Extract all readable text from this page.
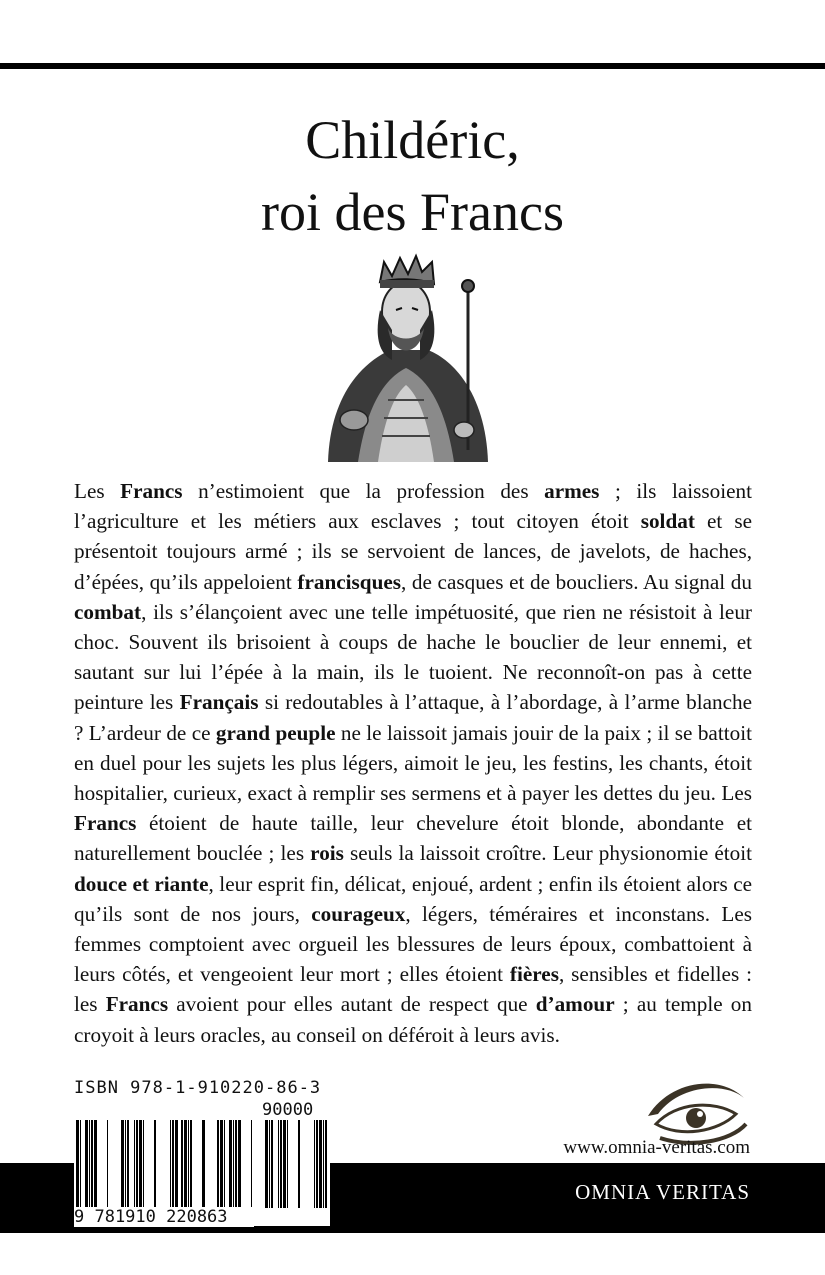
Childéric,
roi des Francs
Les Francs n’estimoient que la profession des armes ; ils laissoient l’agriculture et les métiers aux esclaves ; tout citoyen étoit soldat et se présentoit toujours armé ; ils se servoient de lances, de javelots, de haches, d’épées, qu’ils appeloient francisques, de casques et de boucliers. Au signal du combat, ils s’élançoient avec une telle impétuosité, que rien ne résistoit à leur choc. Souvent ils brisoient à coups de hache le bouclier de leur ennemi, et sautant sur lui l’épée à la main, ils le tuoient. Ne reconnoît-on pas à cette peinture les Français si redoutables à l’attaque, à l’abordage, à l’arme blanche ? L’ardeur de ce grand peuple ne le laissoit jamais jouir de la paix ; il se battoit en duel pour les sujets les plus légers, aimoit le jeu, les festins, les chants, étoit hospitalier, curieux, exact à remplir ses sermens et à payer les dettes du jeu. Les Francs étoient de haute taille, leur chevelure étoit blonde, abondante et naturellement bouclée ; les rois seuls la laissoit croître. Leur physionomie étoit douce et riante, leur esprit fin, délicat, enjoué, ardent ; enfin ils étoient alors ce qu’ils sont de nos jours, courageux, légers, téméraires et inconstans. Les femmes comptoient avec orgueil les blessures de leurs époux, combattoient à leurs côtés, et vengeoient leur mort ; elles étoient fières, sensibles et fidelles : les Francs avoient pour elles autant de respect que d’amour ; au temple on croyoit à leurs oracles, au conseil on déféroit à leurs avis.
ISBN 978-1-910220-86-3
90000
9 781910 220863
www.omnia-veritas.com
OMNIA VERITAS
